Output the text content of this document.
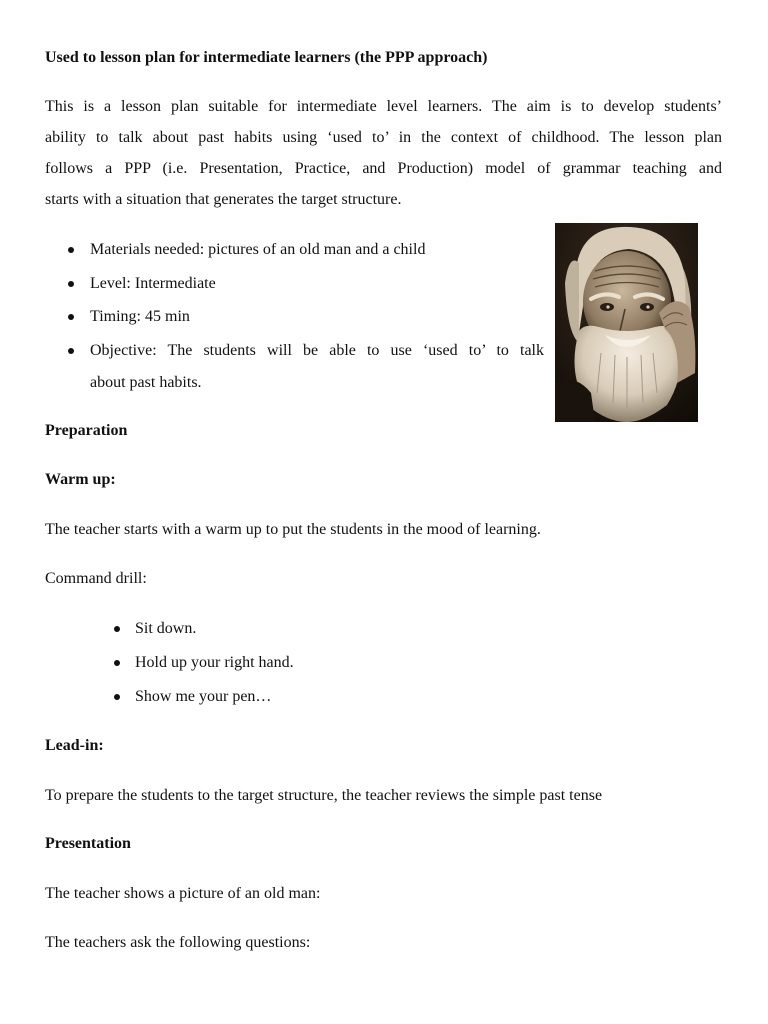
Used to lesson plan for intermediate learners (the PPP approach)

This is a lesson plan suitable for intermediate level learners. The aim is to develop students’
ability to talk about past habits using ‘used to’ in the context of childhood. The lesson plan
follows a PPP (i.e. Presentation, Practice, and Production) model of grammar teaching and
starts with a situation that generates the target structure.
Materials needed: pictures of an old man and a child
Level: Intermediate
Timing: 45 min
Objective: The students will be able to use ‘used to’ to talk
about past habits.

Preparation

Warm up:

The teacher starts with a warm up to put the students in the mood of learning.

Command drill:

Sit down.
Hold up your right hand.
Show me your pen…

Lead-in:

To prepare the students to the target structure, the teacher reviews the simple past tense

Presentation

The teacher shows a picture of an old man:

The teachers ask the following questions:
